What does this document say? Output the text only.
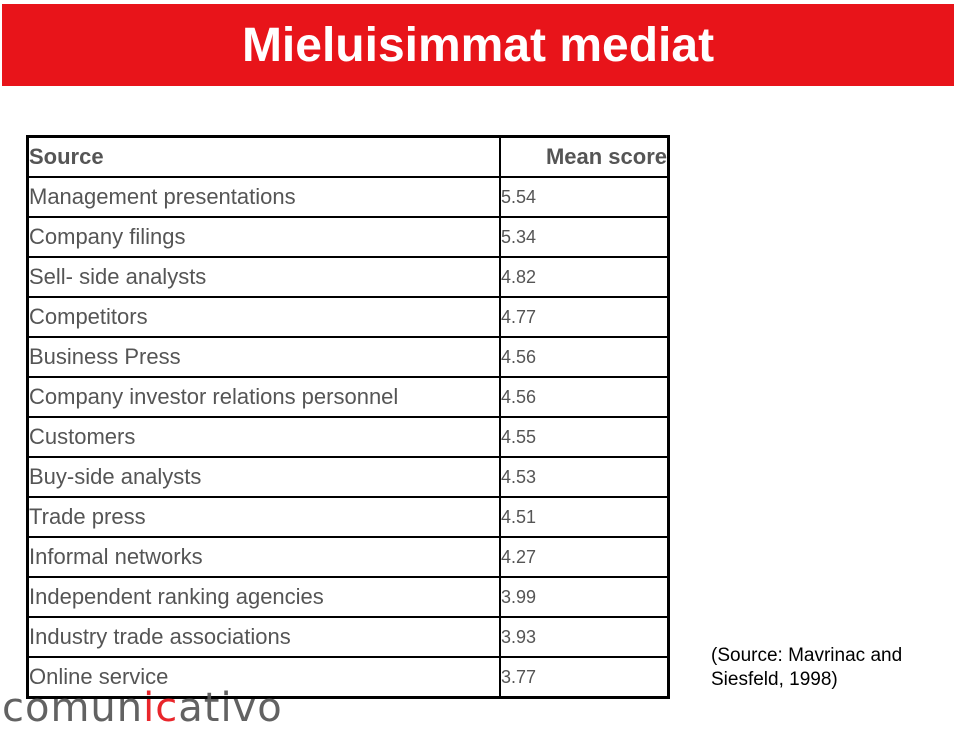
Mieluisimmat mediat
Source	Mean score
Management presentations	5.54
Company filings	5.34
Sell- side analysts	4.82
Competitors	4.77
Business Press	4.56
Company investor relations personnel	4.56
Customers	4.55
Buy-side analysts	4.53
Trade press	4.51
Informal networks	4.27
Independent ranking agencies	3.99
Industry trade associations	3.93
Online service	3.77
(Source: Mavrinac and Siesfeld, 1998)
comunicativo
